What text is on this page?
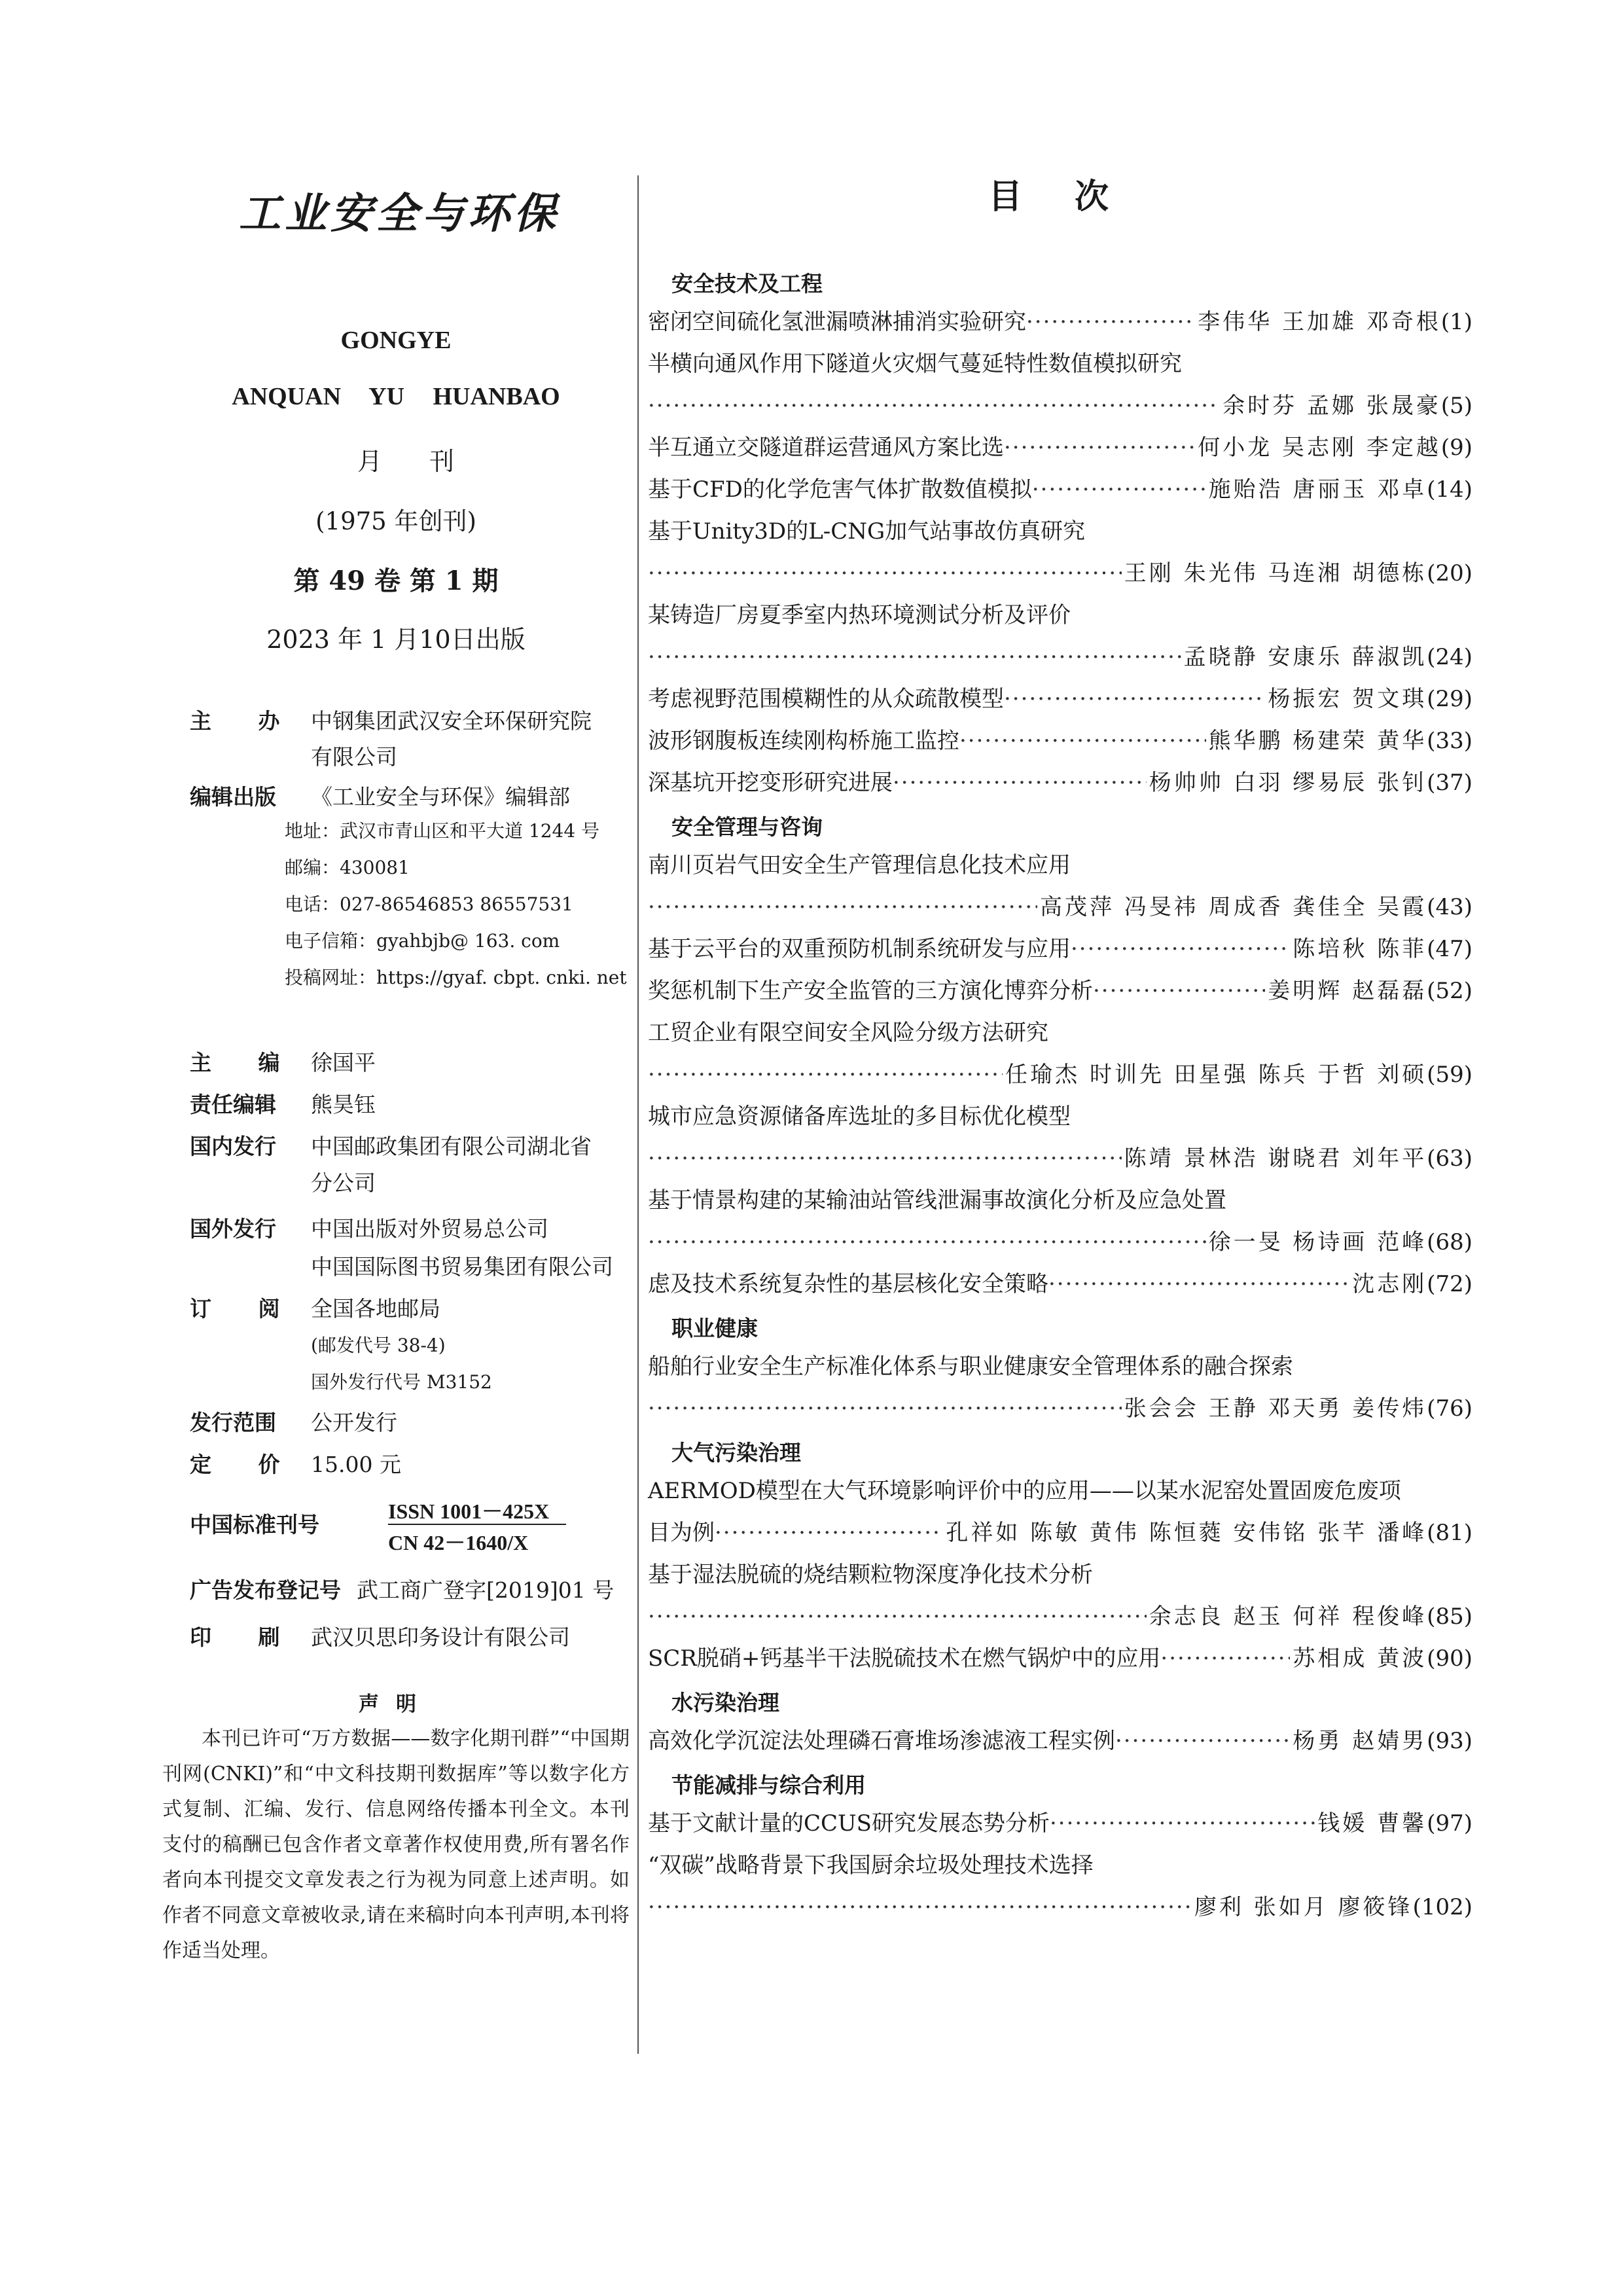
工业安全与环保
GONGYE
ANQUAN YU HUANBAO
月 刊
(1975 年创刊)
第 49 卷 第 1 期
2023 年 1 月10日出版
主 办 中钢集团武汉安全环保研究院
有限公司
编辑出版 《工业安全与环保》编辑部
地址：武汉市青山区和平大道 1244 号
邮编：430081
电话：027-86546853 86557531
电子信箱：gyahbjb@ 163. com
投稿网址：https://gyaf. cbpt. cnki. net
主 编 徐国平
责任编辑 熊昊钰
国内发行 中国邮政集团有限公司湖北省
分公司
国外发行 中国出版对外贸易总公司
中国国际图书贸易集团有限公司
订 阅 全国各地邮局
(邮发代号 38-4)
国外发行代号 M3152
发行范围 公开发行
定 价 15.00 元
中国标准刊号
ISSN 1001－425X
CN 42－1640/X
广告发布登记号 武工商广登字[2019]01 号
印 刷 武汉贝思印务设计有限公司
声明
本刊已许可“万方数据——数字化期刊群”“中国期刊网(CNKI)”和“中文科技期刊数据库”等以数字化方式复制、汇编、发行、信息网络传播本刊全文。本刊支付的稿酬已包含作者文章著作权使用费,所有署名作者向本刊提交文章发表之行为视为同意上述声明。如作者不同意文章被收录,请在来稿时向本刊声明,本刊将作适当处理。
目次
安全技术及工程
密闭空间硫化氢泄漏喷淋捕消实验研究 ·····	李伟华 王加雄 邓奇根 (1)
半横向通风作用下隧道火灾烟气蔓延特性数值模拟研究
·····
余时芬 孟娜 张晟豪 (5)
半互通立交隧道群运营通风方案比选 ·····	何小龙 吴志刚 李定越 (9)
基于CFD的化学危害气体扩散数值模拟 ·····	施贻浩 唐丽玉 邓卓 (14)
基于Unity3D的L-CNG加气站事故仿真研究
·····
王刚 朱光伟 马连湘 胡德栋 (20)
某铸造厂房夏季室内热环境测试分析及评价
·····
孟晓静 安康乐 薛淑凯 (24)
考虑视野范围模糊性的从众疏散模型 ·····	杨振宏 贺文琪 (29)
波形钢腹板连续刚构桥施工监控 ·····	熊华鹏 杨建荣 黄华 (33)
深基坑开挖变形研究进展 ·····	杨帅帅 白羽 缪易辰 张钊 (37)
安全管理与咨询
南川页岩气田安全生产管理信息化技术应用
·····
高茂萍 冯旻祎 周成香 龚佳全 吴霞 (43)
基于云平台的双重预防机制系统研发与应用 ·····	陈培秋 陈菲 (47)
奖惩机制下生产安全监管的三方演化博弈分析 ·····	姜明辉 赵磊磊 (52)
工贸企业有限空间安全风险分级方法研究
·····
任瑜杰 时训先 田星强 陈兵 于哲 刘硕 (59)
城市应急资源储备库选址的多目标优化模型
·····
陈靖 景林浩 谢晓君 刘年平 (63)
基于情景构建的某输油站管线泄漏事故演化分析及应急处置
·····
徐一旻 杨诗画 范峰 (68)
虑及技术系统复杂性的基层核化安全策略 ·····	沈志刚 (72)
职业健康
船舶行业安全生产标准化体系与职业健康安全管理体系的融合探索
·····
张会会 王静 邓天勇 姜传炜 (76)
大气污染治理
AERMOD模型在大气环境影响评价中的应用——以某水泥窑处置固废危废项
目为例 ·····	孔祥如 陈敏 黄伟 陈恒蕤 安伟铭 张芊 潘峰 (81)
基于湿法脱硫的烧结颗粒物深度净化技术分析
·····
余志良 赵玉 何祥 程俊峰 (85)
SCR脱硝+钙基半干法脱硫技术在燃气锅炉中的应用 ·····	苏相成 黄波 (90)
水污染治理
高效化学沉淀法处理磷石膏堆场渗滤液工程实例 ·····	杨勇 赵婧男 (93)
节能减排与综合利用
基于文献计量的CCUS研究发展态势分析 ·····	钱媛 曹馨 (97)
“双碳”战略背景下我国厨余垃圾处理技术选择
·····
廖利 张如月 廖筱锋 (102)
